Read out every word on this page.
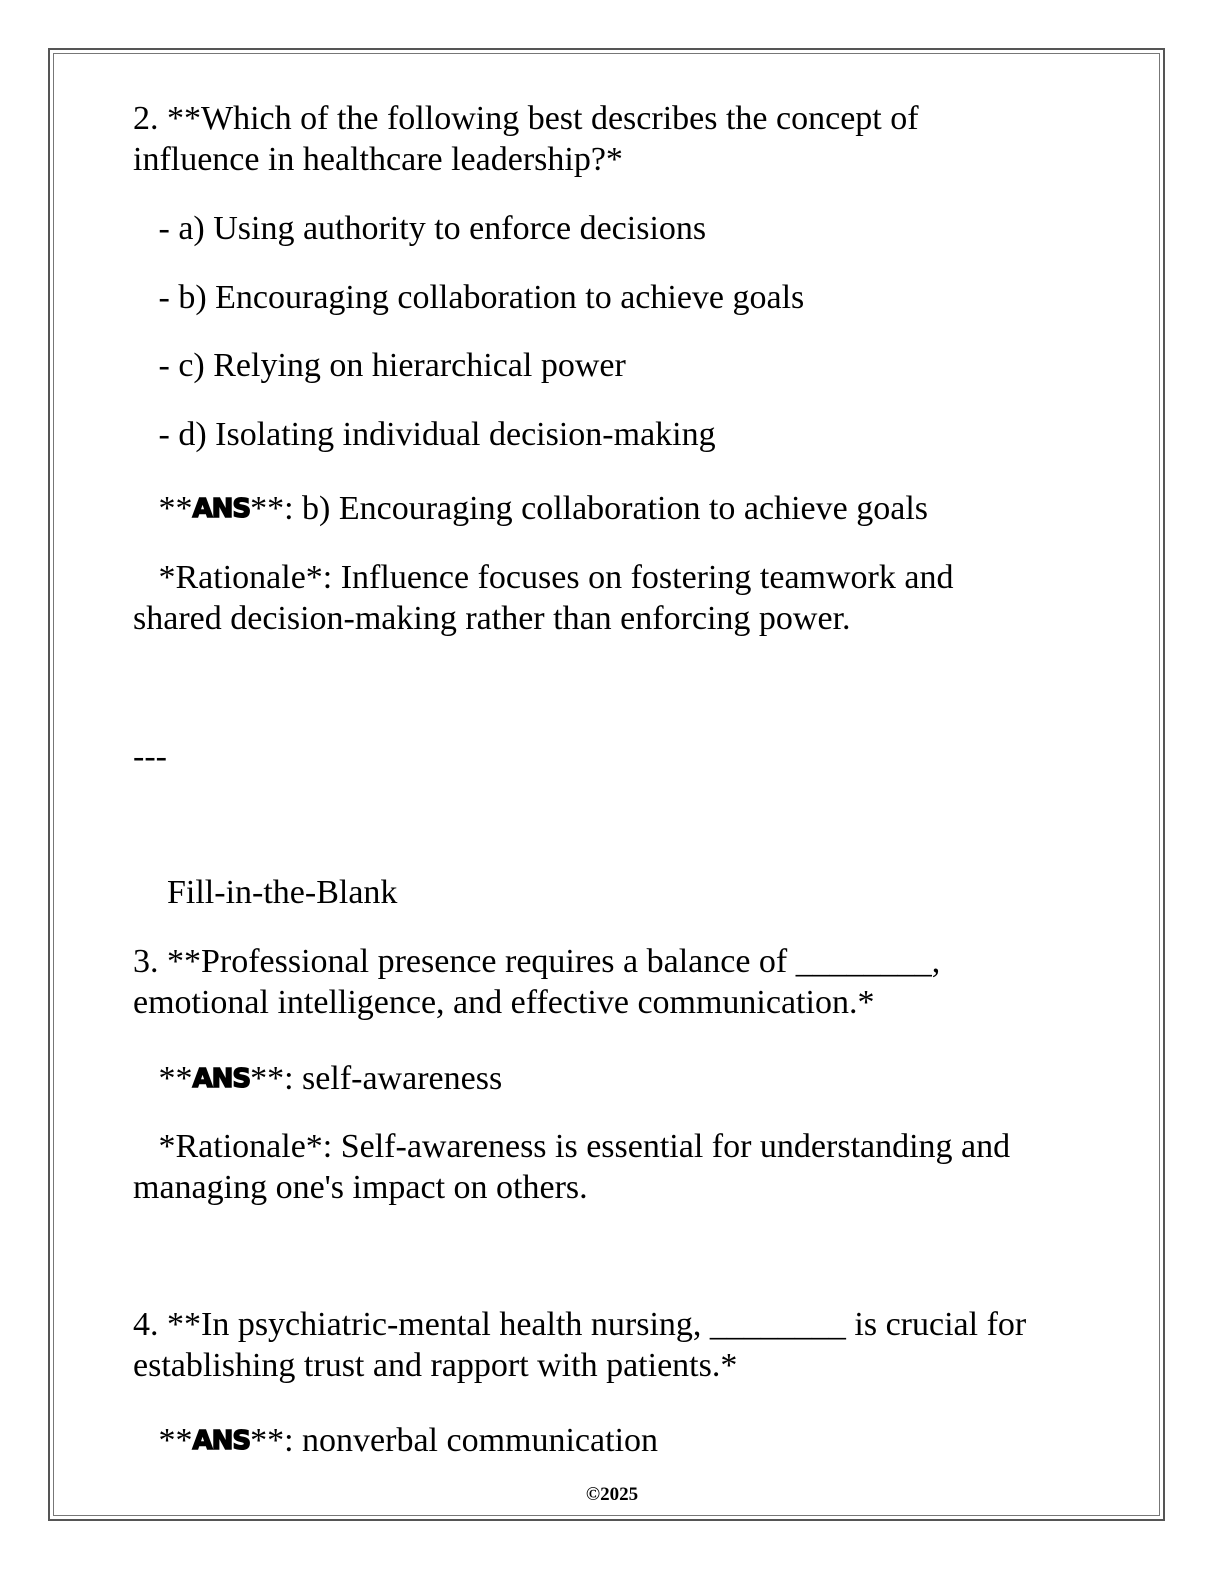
2. **Which of the following best describes the concept of

influence in healthcare leadership?*

- a) Using authority to enforce decisions

- b) Encouraging collaboration to achieve goals

- c) Relying on hierarchical power

- d) Isolating individual decision-making

**ANS**: b) Encouraging collaboration to achieve goals

*Rationale*: Influence focuses on fostering teamwork and

shared decision-making rather than enforcing power.

---

Fill-in-the-Blank

3. **Professional presence requires a balance of ________,

emotional intelligence, and effective communication.*

**ANS**: self-awareness

*Rationale*: Self-awareness is essential for understanding and

managing one's impact on others.

4. **In psychiatric-mental health nursing, ________ is crucial for

establishing trust and rapport with patients.*

**ANS**: nonverbal communication

©2025
